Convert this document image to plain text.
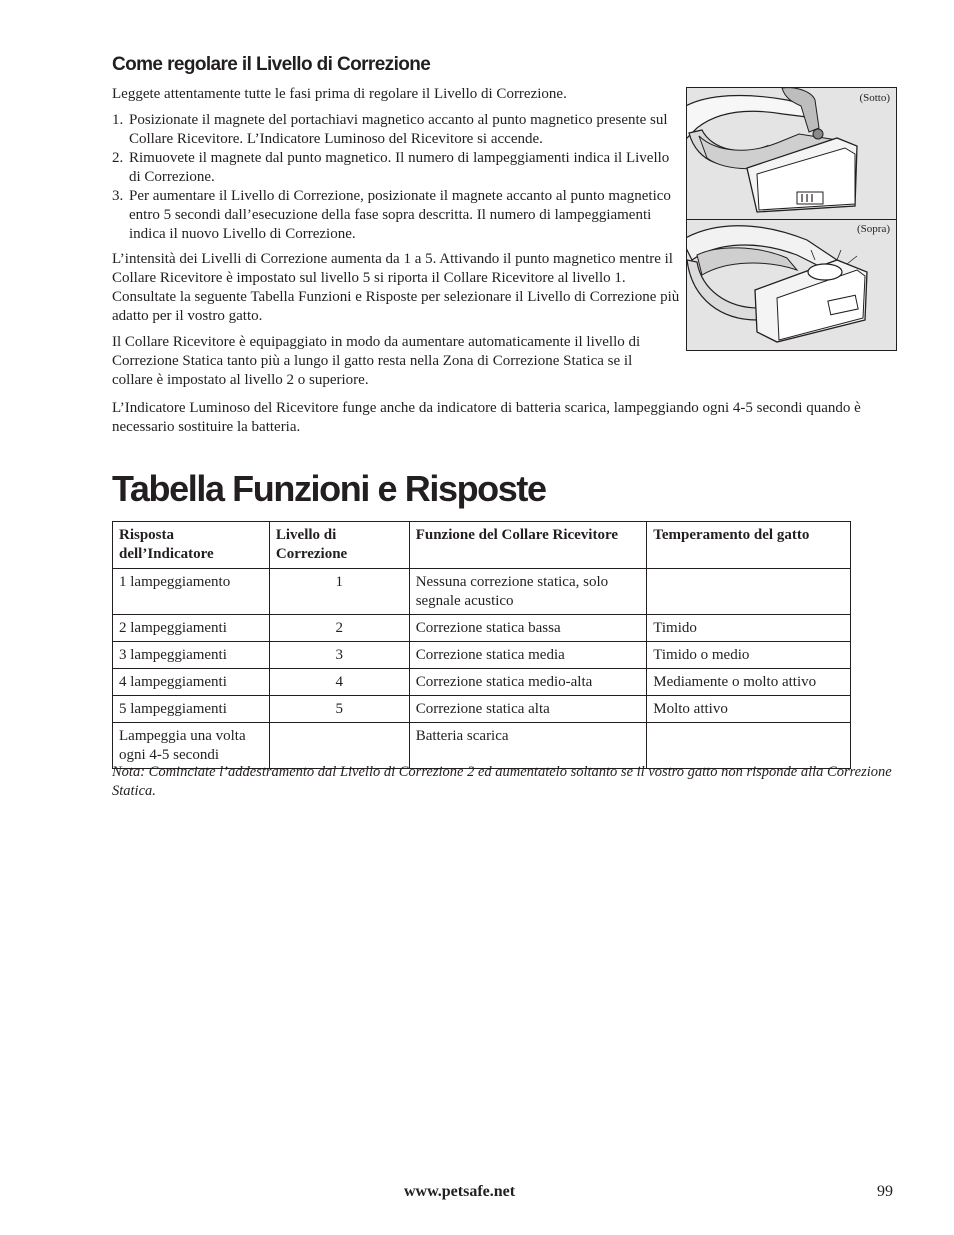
Come regolare il Livello di Correzione

Leggete attentamente tutte le fasi prima di regolare il Livello di Correzione.

1. Posizionate il magnete del portachiavi magnetico accanto al punto magnetico presente sul Collare Ricevitore. L’Indicatore Luminoso del Ricevitore si accende.
2. Rimuovete il magnete dal punto magnetico. Il numero di lampeggiamenti indica il Livello di Correzione.
3. Per aumentare il Livello di Correzione, posizionate il magnete accanto al punto magnetico entro 5 secondi dall’esecuzione della fase sopra descritta. Il numero di lampeggiamenti indica il nuovo Livello di Correzione.

L’intensità dei Livelli di Correzione aumenta da 1 a 5. Attivando il punto magnetico mentre il Collare Ricevitore è impostato sul livello 5 si riporta il Collare Ricevitore al livello 1. Consultate la seguente Tabella Funzioni e Risposte per selezionare il Livello di Correzione più adatto per il vostro gatto.

Il Collare Ricevitore è equipaggiato in modo da aumentare automaticamente il livello di Correzione Statica tanto più a lungo il gatto resta nella Zona di Correzione Statica se il collare è impostato al livello 2 o superiore.

L’Indicatore Luminoso del Ricevitore funge anche da indicatore di batteria scarica, lampeggiando ogni 4-5 secondi quando è necessario sostituire la batteria.

(Sotto)
(Sopra)
Tabella Funzioni e Risposte
Risposta dell’Indicatore	Livello di Correzione	Funzione del Collare Ricevitore	Temperamento del gatto
1 lampeggiamento	1	Nessuna correzione statica, solo segnale acustico	
2 lampeggiamenti	2	Correzione statica bassa	Timido
3 lampeggiamenti	3	Correzione statica media	Timido o medio
4 lampeggiamenti	4	Correzione statica medio-alta	Mediamente o molto attivo
5 lampeggiamenti	5	Correzione statica alta	Molto attivo
Lampeggia una volta ogni 4-5 secondi		Batteria scarica	

Nota: Cominciate l’addestramento dal Livello di Correzione 2 ed aumentatelo soltanto se il vostro gatto non risponde alla Correzione Statica.

www.petsafe.net	99
